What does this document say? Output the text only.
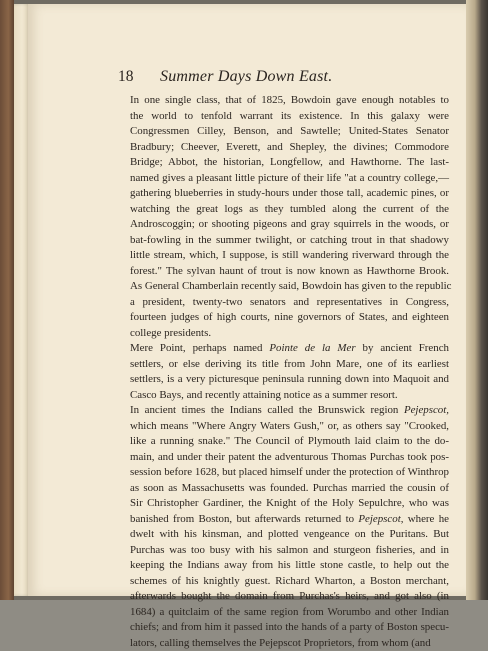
18 Summer Days Down East.

In one single class, that of 1825, Bowdoin gave enough notables to
the world to tenfold warrant its existence. In this galaxy were
Congressmen Cilley, Benson, and Sawtelle; United-States Senator
Bradbury; Cheever, Everett, and Shepley, the divines; Commodore
Bridge; Abbot, the historian, Longfellow, and Hawthorne. The last-
named gives a pleasant little picture of their life "at a country college,—
gathering blueberries in study-hours under those tall, academic pines, or
watching the great logs as they tumbled along the current of the
Androscoggin; or shooting pigeons and gray squirrels in the woods, or
bat-fowling in the summer twilight, or catching trout in that shadowy
little stream, which, I suppose, is still wandering riverward through the
forest." The sylvan haunt of trout is now known as Hawthorne Brook.
As General Chamberlain recently said, Bowdoin has given to the republic
a president, twenty-two senators and representatives in Congress,
fourteen judges of high courts, nine governors of States, and eighteen
college presidents.

Mere Point, perhaps named Pointe de la Mer by ancient French
settlers, or else deriving its title from John Mare, one of its earliest
settlers, is a very picturesque peninsula running down into Maquoit and
Casco Bays, and recently attaining notice as a summer resort.

In ancient times the Indians called the Brunswick region Pejepscot,
which means "Where Angry Waters Gush," or, as others say "Crooked,
like a running snake." The Council of Plymouth laid claim to the do-
main, and under their patent the adventurous Thomas Purchas took pos-
session before 1628, but placed himself under the protection of Winthrop
as soon as Massachusetts was founded. Purchas married the cousin of
Sir Christopher Gardiner, the Knight of the Holy Sepulchre, who was
banished from Boston, but afterwards returned to Pejepscot, where he
dwelt with his kinsman, and plotted vengeance on the Puritans. But
Purchas was too busy with his salmon and sturgeon fisheries, and in
keeping the Indians away from his little stone castle, to help out the
schemes of his knightly guest. Richard Wharton, a Boston merchant,
afterwards bought the domain from Purchas's heirs, and got also (in
1684) a quitclaim of the same region from Worumbo and other Indian
chiefs; and from him it passed into the hands of a party of Boston specu-
lators, calling themselves the Pejepscot Proprietors, from whom (and
